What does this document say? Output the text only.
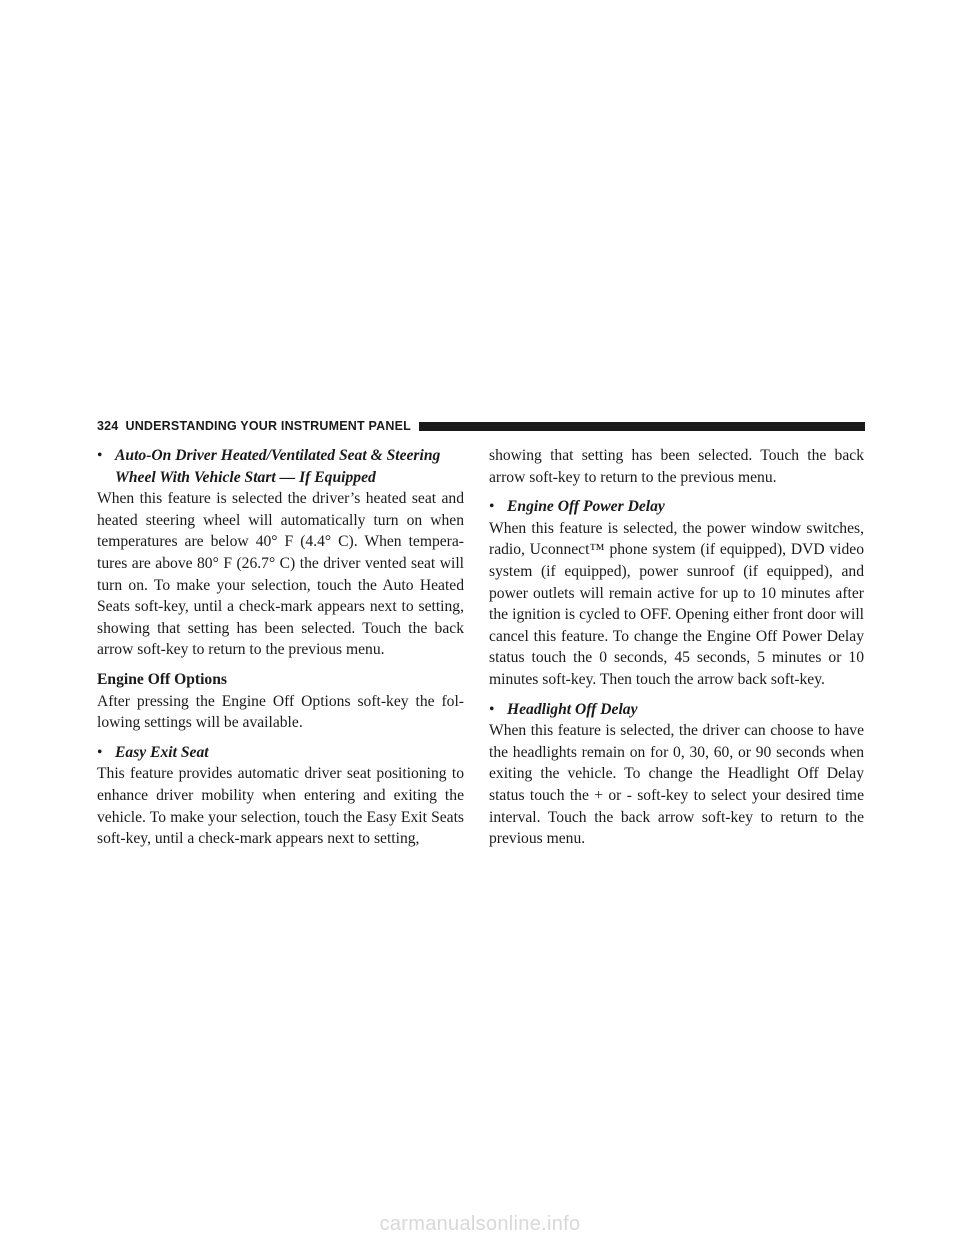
324 UNDERSTANDING YOUR INSTRUMENT PANEL
• Auto-On Driver Heated/Ventilated Seat & Steering Wheel With Vehicle Start — If Equipped

When this feature is selected the driver’s heated seat and heated steering wheel will automatically turn on when temperatures are below 40° F (4.4° C). When tempera-tures are above 80° F (26.7° C) the driver vented seat will turn on. To make your selection, touch the Auto Heated Seats soft-key, until a check-mark appears next to setting, showing that setting has been selected. Touch the back arrow soft-key to return to the previous menu.

Engine Off Options

After pressing the Engine Off Options soft-key the fol-lowing settings will be available.

• Easy Exit Seat

This feature provides automatic driver seat positioning to enhance driver mobility when entering and exiting the vehicle. To make your selection, touch the Easy Exit Seats soft-key, until a check-mark appears next to setting,

showing that setting has been selected. Touch the back arrow soft-key to return to the previous menu.

• Engine Off Power Delay

When this feature is selected, the power window switches, radio, Uconnect™ phone system (if equipped), DVD video system (if equipped), power sunroof (if equipped), and power outlets will remain active for up to 10 minutes after the ignition is cycled to OFF. Opening either front door will cancel this feature. To change the Engine Off Power Delay status touch the 0 seconds, 45 seconds, 5 minutes or 10 minutes soft-key. Then touch the arrow back soft-key.

• Headlight Off Delay

When this feature is selected, the driver can choose to have the headlights remain on for 0, 30, 60, or 90 seconds when exiting the vehicle. To change the Headlight Off Delay status touch the + or - soft-key to select your desired time interval. Touch the back arrow soft-key to return to the previous menu.

carmanualsonline.info
